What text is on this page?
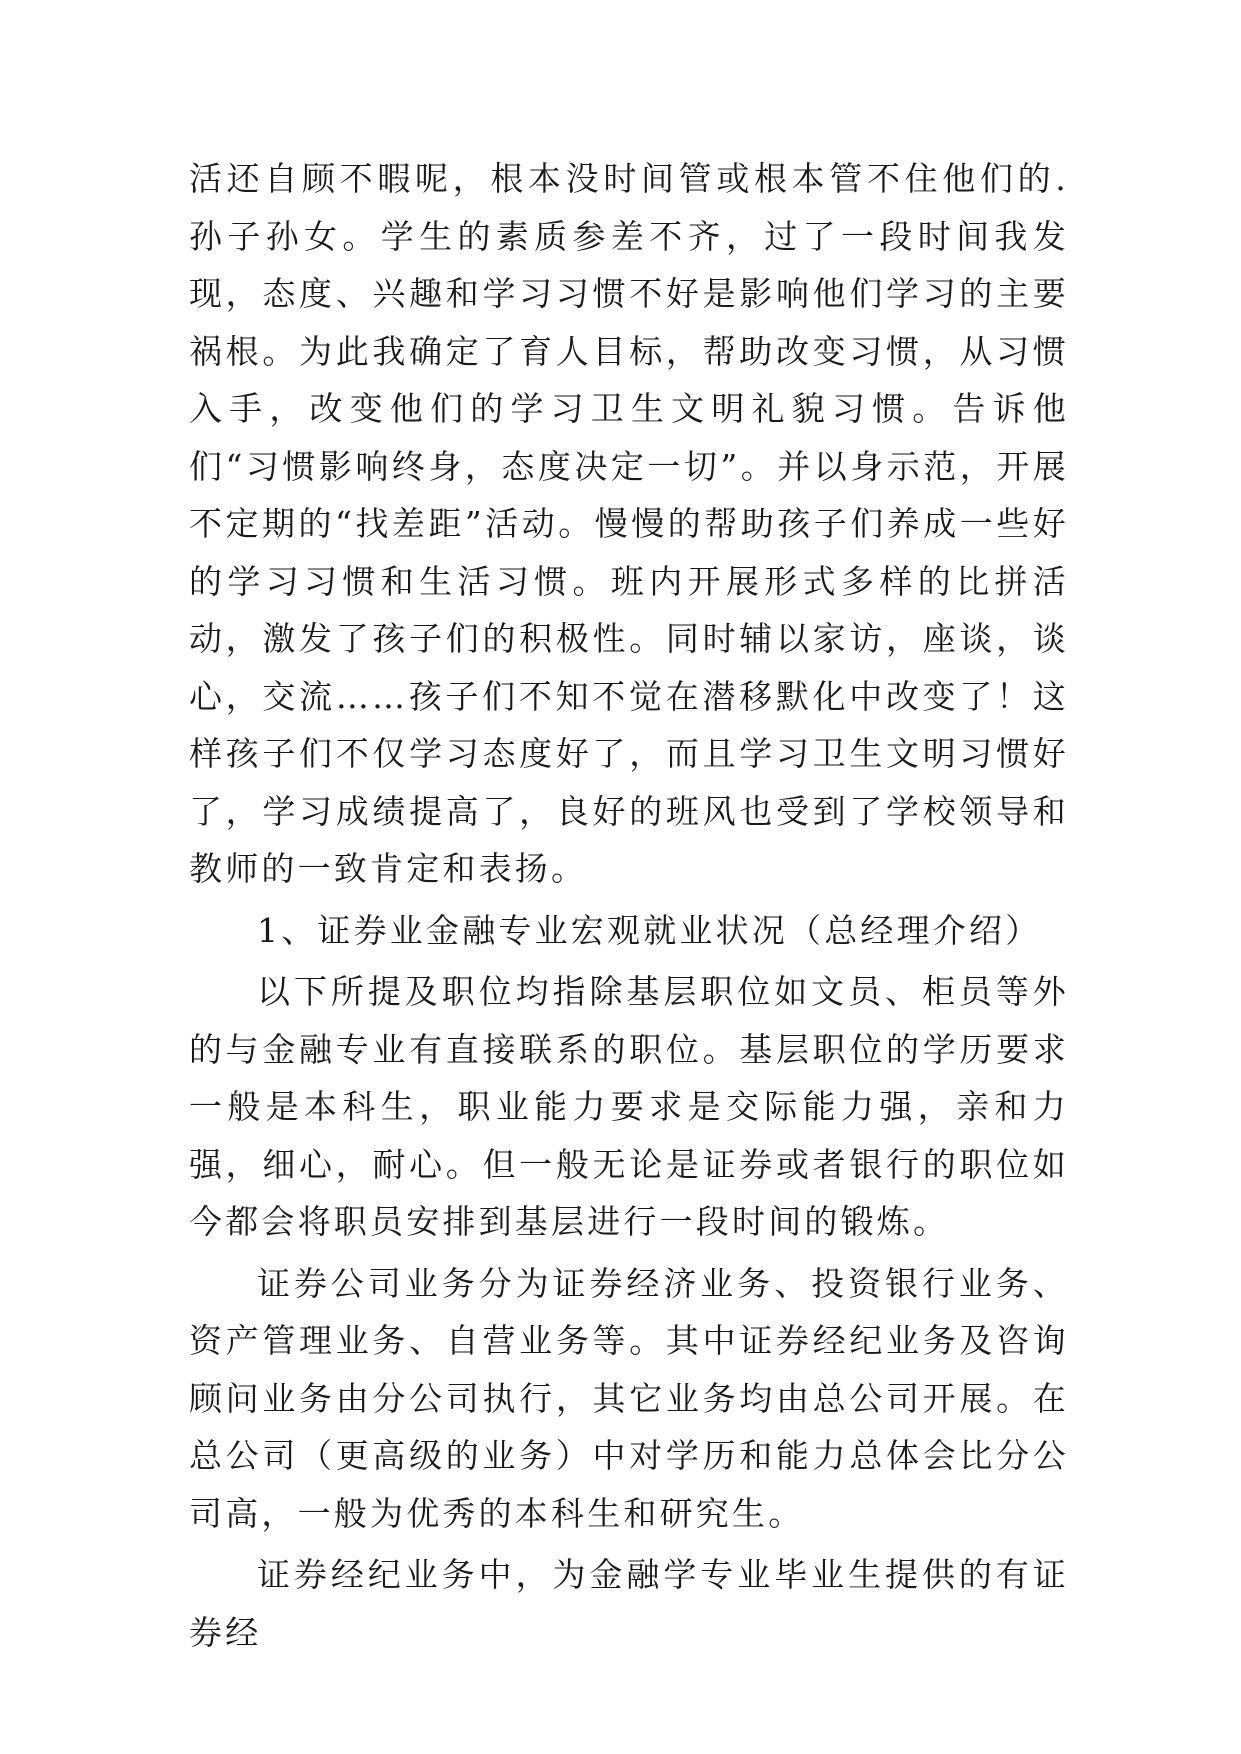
活还自顾不暇呢，根本没时间管或根本管不住他们的.孙子孙女。学生的素质参差不齐，过了一段时间我发现，态度、兴趣和学习习惯不好是影响他们学习的主要祸根。为此我确定了育人目标，帮助改变习惯，从习惯入手，改变他们的学习卫生文明礼貌习惯。告诉他们“习惯影响终身，态度决定一切”。并以身示范，开展不定期的“找差距”活动。慢慢的帮助孩子们养成一些好的学习习惯和生活习惯。班内开展形式多样的比拼活动，激发了孩子们的积极性。同时辅以家访，座谈，谈心，交流……孩子们不知不觉在潜移默化中改变了！这样孩子们不仅学习态度好了，而且学习卫生文明习惯好了，学习成绩提高了，良好的班风也受到了学校领导和教师的一致肯定和表扬。

1、证券业金融专业宏观就业状况（总经理介绍）

以下所提及职位均指除基层职位如文员、柜员等外的与金融专业有直接联系的职位。基层职位的学历要求一般是本科生，职业能力要求是交际能力强，亲和力强，细心，耐心。但一般无论是证券或者银行的职位如今都会将职员安排到基层进行一段时间的锻炼。

证券公司业务分为证券经济业务、投资银行业务、资产管理业务、自营业务等。其中证券经纪业务及咨询顾问业务由分公司执行，其它业务均由总公司开展。在总公司（更高级的业务）中对学历和能力总体会比分公司高，一般为优秀的本科生和研究生。

证券经纪业务中，为金融学专业毕业生提供的有证券经
